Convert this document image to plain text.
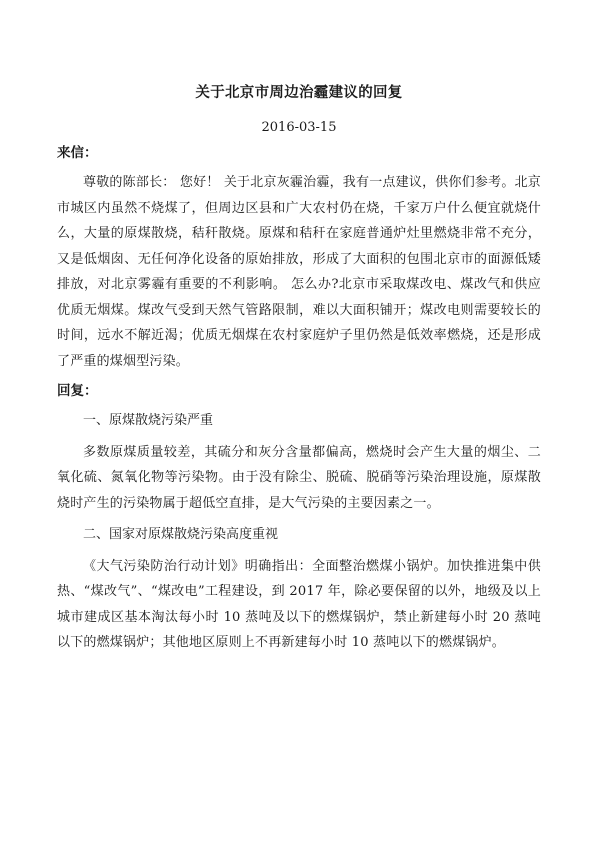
关于北京市周边治霾建议的回复
2016-03-15
来信：

尊敬的陈部长： 您好！ 关于北京灰霾治霾，我有一点建议，供你们参考。北京市城区内虽然不烧煤了，但周边区县和广大农村仍在烧，千家万户什么便宜就烧什么，大量的原煤散烧，秸秆散烧。原煤和秸秆在家庭普通炉灶里燃烧非常不充分，又是低烟囱、无任何净化设备的原始排放，形成了大面积的包围北京市的面源低矮排放，对北京雾霾有重要的不利影响。 怎么办?北京市采取煤改电、煤改气和供应优质无烟煤。煤改气受到天然气管路限制，难以大面积铺开；煤改电则需要较长的时间，远水不解近渴；优质无烟煤在农村家庭炉子里仍然是低效率燃烧，还是形成了严重的煤烟型污染。

回复：
一、原煤散烧污染严重

多数原煤质量较差，其硫分和灰分含量都偏高，燃烧时会产生大量的烟尘、二氧化硫、氮氧化物等污染物。由于没有除尘、脱硫、脱硝等污染治理设施，原煤散烧时产生的污染物属于超低空直排，是大气污染的主要因素之一。

二、国家对原煤散烧污染高度重视

《大气污染防治行动计划》明确指出：全面整治燃煤小锅炉。加快推进集中供热、“煤改气”、“煤改电”工程建设，到 2017 年，除必要保留的以外，地级及以上城市建成区基本淘汰每小时 10 蒸吨及以下的燃煤锅炉，禁止新建每小时 20 蒸吨以下的燃煤锅炉；其他地区原则上不再新建每小时 10 蒸吨以下的燃煤锅炉。
